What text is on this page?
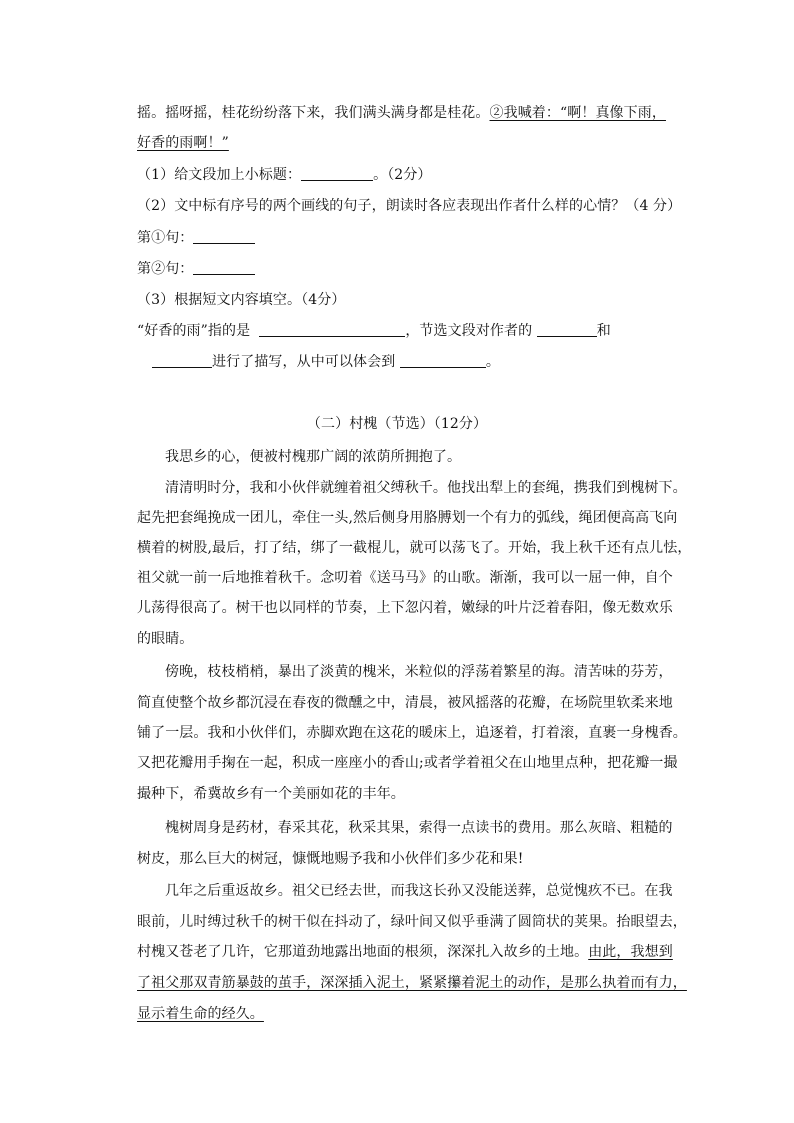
摇。摇呀摇，桂花纷纷落下来，我们满头满身都是桂花。②我喊着：“啊！真像下雨，
好香的雨啊！”
（1）给文段加上小标题：	。（2分）
（2）文中标有序号的两个画线的句子，朗读时各应表现出作者什么样的心情？（4 分）
第①句：
第②句：
（3）根据短文内容填空。（4分）
“好香的雨”指的是	，节选文段对作者的	和
进行了描写，从中可以体会到	。
（二）村槐（节选）（12分）
我思乡的心，便被村槐那广阔的浓荫所拥抱了。
清清明时分，我和小伙伴就缠着祖父缚秋千。他找出犁上的套绳，携我们到槐树下。
起先把套绳挽成一团儿，牵住一头,然后侧身用胳膊划一个有力的弧线，绳团便高高飞向
横着的树股,最后，打了结，绑了一截棍儿，就可以荡飞了。开始，我上秋千还有点儿怯，
祖父就一前一后地推着秋千。念叨着《送马马》的山歌。渐渐，我可以一屈一伸，自个
儿荡得很高了。树干也以同样的节奏，上下忽闪着，嫩绿的叶片泛着春阳，像无数欢乐
的眼睛。
傍晚，枝枝梢梢，暴出了淡黄的槐米，米粒似的浮荡着繁星的海。清苦味的芬芳，
简直使整个故乡都沉浸在春夜的微醺之中，清晨，被风摇落的花瓣，在场院里软柔来地
铺了一层。我和小伙伴们，赤脚欢跑在这花的暖床上，追逐着，打着滚，直裹一身槐香。
又把花瓣用手掬在一起，积成一座座小的香山;或者学着祖父在山地里点种，把花瓣一撮
撮种下，希冀故乡有一个美丽如花的丰年。
槐树周身是药材，春采其花，秋采其果，索得一点读书的费用。那么灰暗、粗糙的
树皮，那么巨大的树冠，慷慨地赐予我和小伙伴们多少花和果!
几年之后重返故乡。祖父已经去世，而我这长孙又没能送葬，总觉愧疚不已。在我
眼前，儿时缚过秋千的树干似在抖动了，绿叶间又似乎垂满了圆筒状的荚果。抬眼望去，
村槐又苍老了几许，它那道劲地露出地面的根须，深深扎入故乡的土地。由此，我想到
了祖父那双青筋暴鼓的茧手，深深插入泥土，紧紧攥着泥土的动作，是那么执着而有力，
显示着生命的经久。
